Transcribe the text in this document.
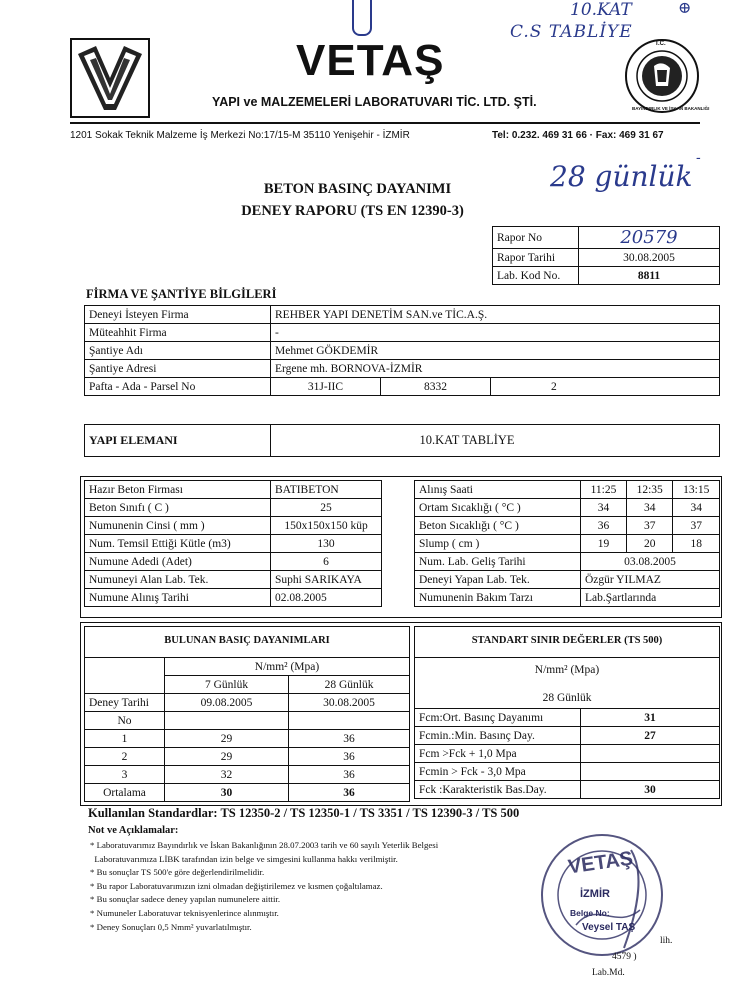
10.KAT
C.S TABLİYE
⊕
VETAŞ
YAPI ve MALZEMELERİ LABORATUVARI TİC. LTD. ŞTİ.
T.C.
BAYINDIRLIK VE İSKAN BAKANLIĞI
1201 Sokak Teknik Malzeme İş Merkezi No:17/15-M 35110 Yenişehir - İZMİR	Tel: 0.232. 469 31 66 · Fax: 469 31 67
28 günlük
-
BETON BASINÇ DAYANIMI
DENEY RAPORU (TS EN 12390-3)
Rapor No	20579
Rapor Tarihi	30.08.2005
Lab. Kod No.	8811
FİRMA VE ŞANTİYE BİLGİLERİ
Deneyi İsteyen Firma	REHBER YAPI DENETİM SAN.ve TİC.A.Ş.		
Müteahhit Firma	-		
Şantiye Adı	Mehmet GÖKDEMİR		
Şantiye Adresi	Ergene mh. BORNOVA-İZMİR		
Pafta - Ada - Parsel No	31J-IIC	8332	2
YAPI ELEMANI	10.KAT TABLİYE
Hazır Beton Firması	BATIBETON
Beton Sınıfı ( C )	25
Numunenin Cinsi ( mm )	150x150x150 küp
Num. Temsil Ettiği Kütle (m3)	130
Numune Adedi (Adet)	6
Numuneyi Alan Lab. Tek.	Suphi SARIKAYA
Numune Alınış Tarihi	02.08.2005
Alınış Saati	11:25	12:35	13:15
Ortam Sıcaklığı ( °C )	34	34	34
Beton Sıcaklığı ( °C )	36	37	37
Slump ( cm )	19	20	18
Num. Lab. Geliş Tarihi	03.08.2005		
Deneyi Yapan Lab. Tek.	Özgür YILMAZ		
Numunenin Bakım Tarzı	Lab.Şartlarında		
BULUNAN BASIÇ DAYANIMLARI
	N/mm² (Mpa)	
	7 Günlük	28 Günlük
Deney Tarihi	09.08.2005	30.08.2005
No		
1	29	36
2	29	36
3	32	36
Ortalama	30	36
STANDART SINIR DEĞERLER (TS 500)
N/mm² (Mpa)
28 Günlük
Fcm:Ort. Basınç Dayanımı	31
Fcmin.:Min. Basınç Day.	27
Fcm >Fck + 1,0 Mpa	
Fcmin > Fck - 3,0 Mpa	
Fck :Karakteristik Bas.Day.	30
Kullanılan Standardlar: TS 12350-2 / TS 12350-1 / TS 3351 / TS 12390-3 / TS 500
Not ve Açıklamalar:
* Laboratuvarımız Bayındırlık ve İskan Bakanlığının 28.07.2003 tarih ve 60 sayılı Yeterlik Belgesi
Laboratuvarımıza LİBK tarafından izin belge ve simgesini kullanma hakkı verilmiştir.
* Bu sonuçlar TS 500'e göre değerlendirilmelidir.
* Bu rapor Laboratuvarımızın izni olmadan değiştirilemez ve kısmen çoğaltılamaz.
* Bu sonuçlar sadece deney yapılan numunelere aittir.
* Numuneler Laboratuvar teknisyenlerince alınmıştır.
* Deney Sonuçları 0,5 Nmm² yuvarlatılmıştır.
VETAŞ
İZMİR
Belge No:
Veysel TAŞ
lih.
4579 )
Lab.Md.
